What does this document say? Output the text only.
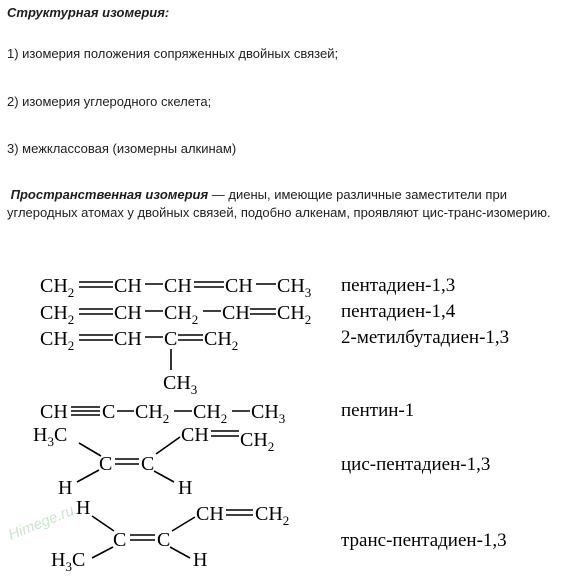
Структурная изомерия:
1) изомерия положения сопряженных двойных связей;
2) изомерия углеродного скелета;
3) межклассовая (изомерны алкинам)
Пространственная изомерия — диены, имеющие различные заместители при углеродных атомах у двойных связей, подобно алкенам, проявляют цис-транс-изомерию.
$CH_2$ CH CH CH $CH_3$ пентадиен-1,3
$CH_2$ CH $CH_2$ CH $CH_2$ пентадиен-1,4
$CH_2$ CH C $CH_2$
$CH_3$
2-метилбутадиен-1,3
CH C $CH_2$ $CH_2$ $CH_3$	пентин-1
$H_3C$	CH $CH_2$
C C
H	H
цис-пентадиен-1,3
H	CH $CH_2$
C C
$H_3C$	H
транс-пентадиен-1,3
Himege.ru
